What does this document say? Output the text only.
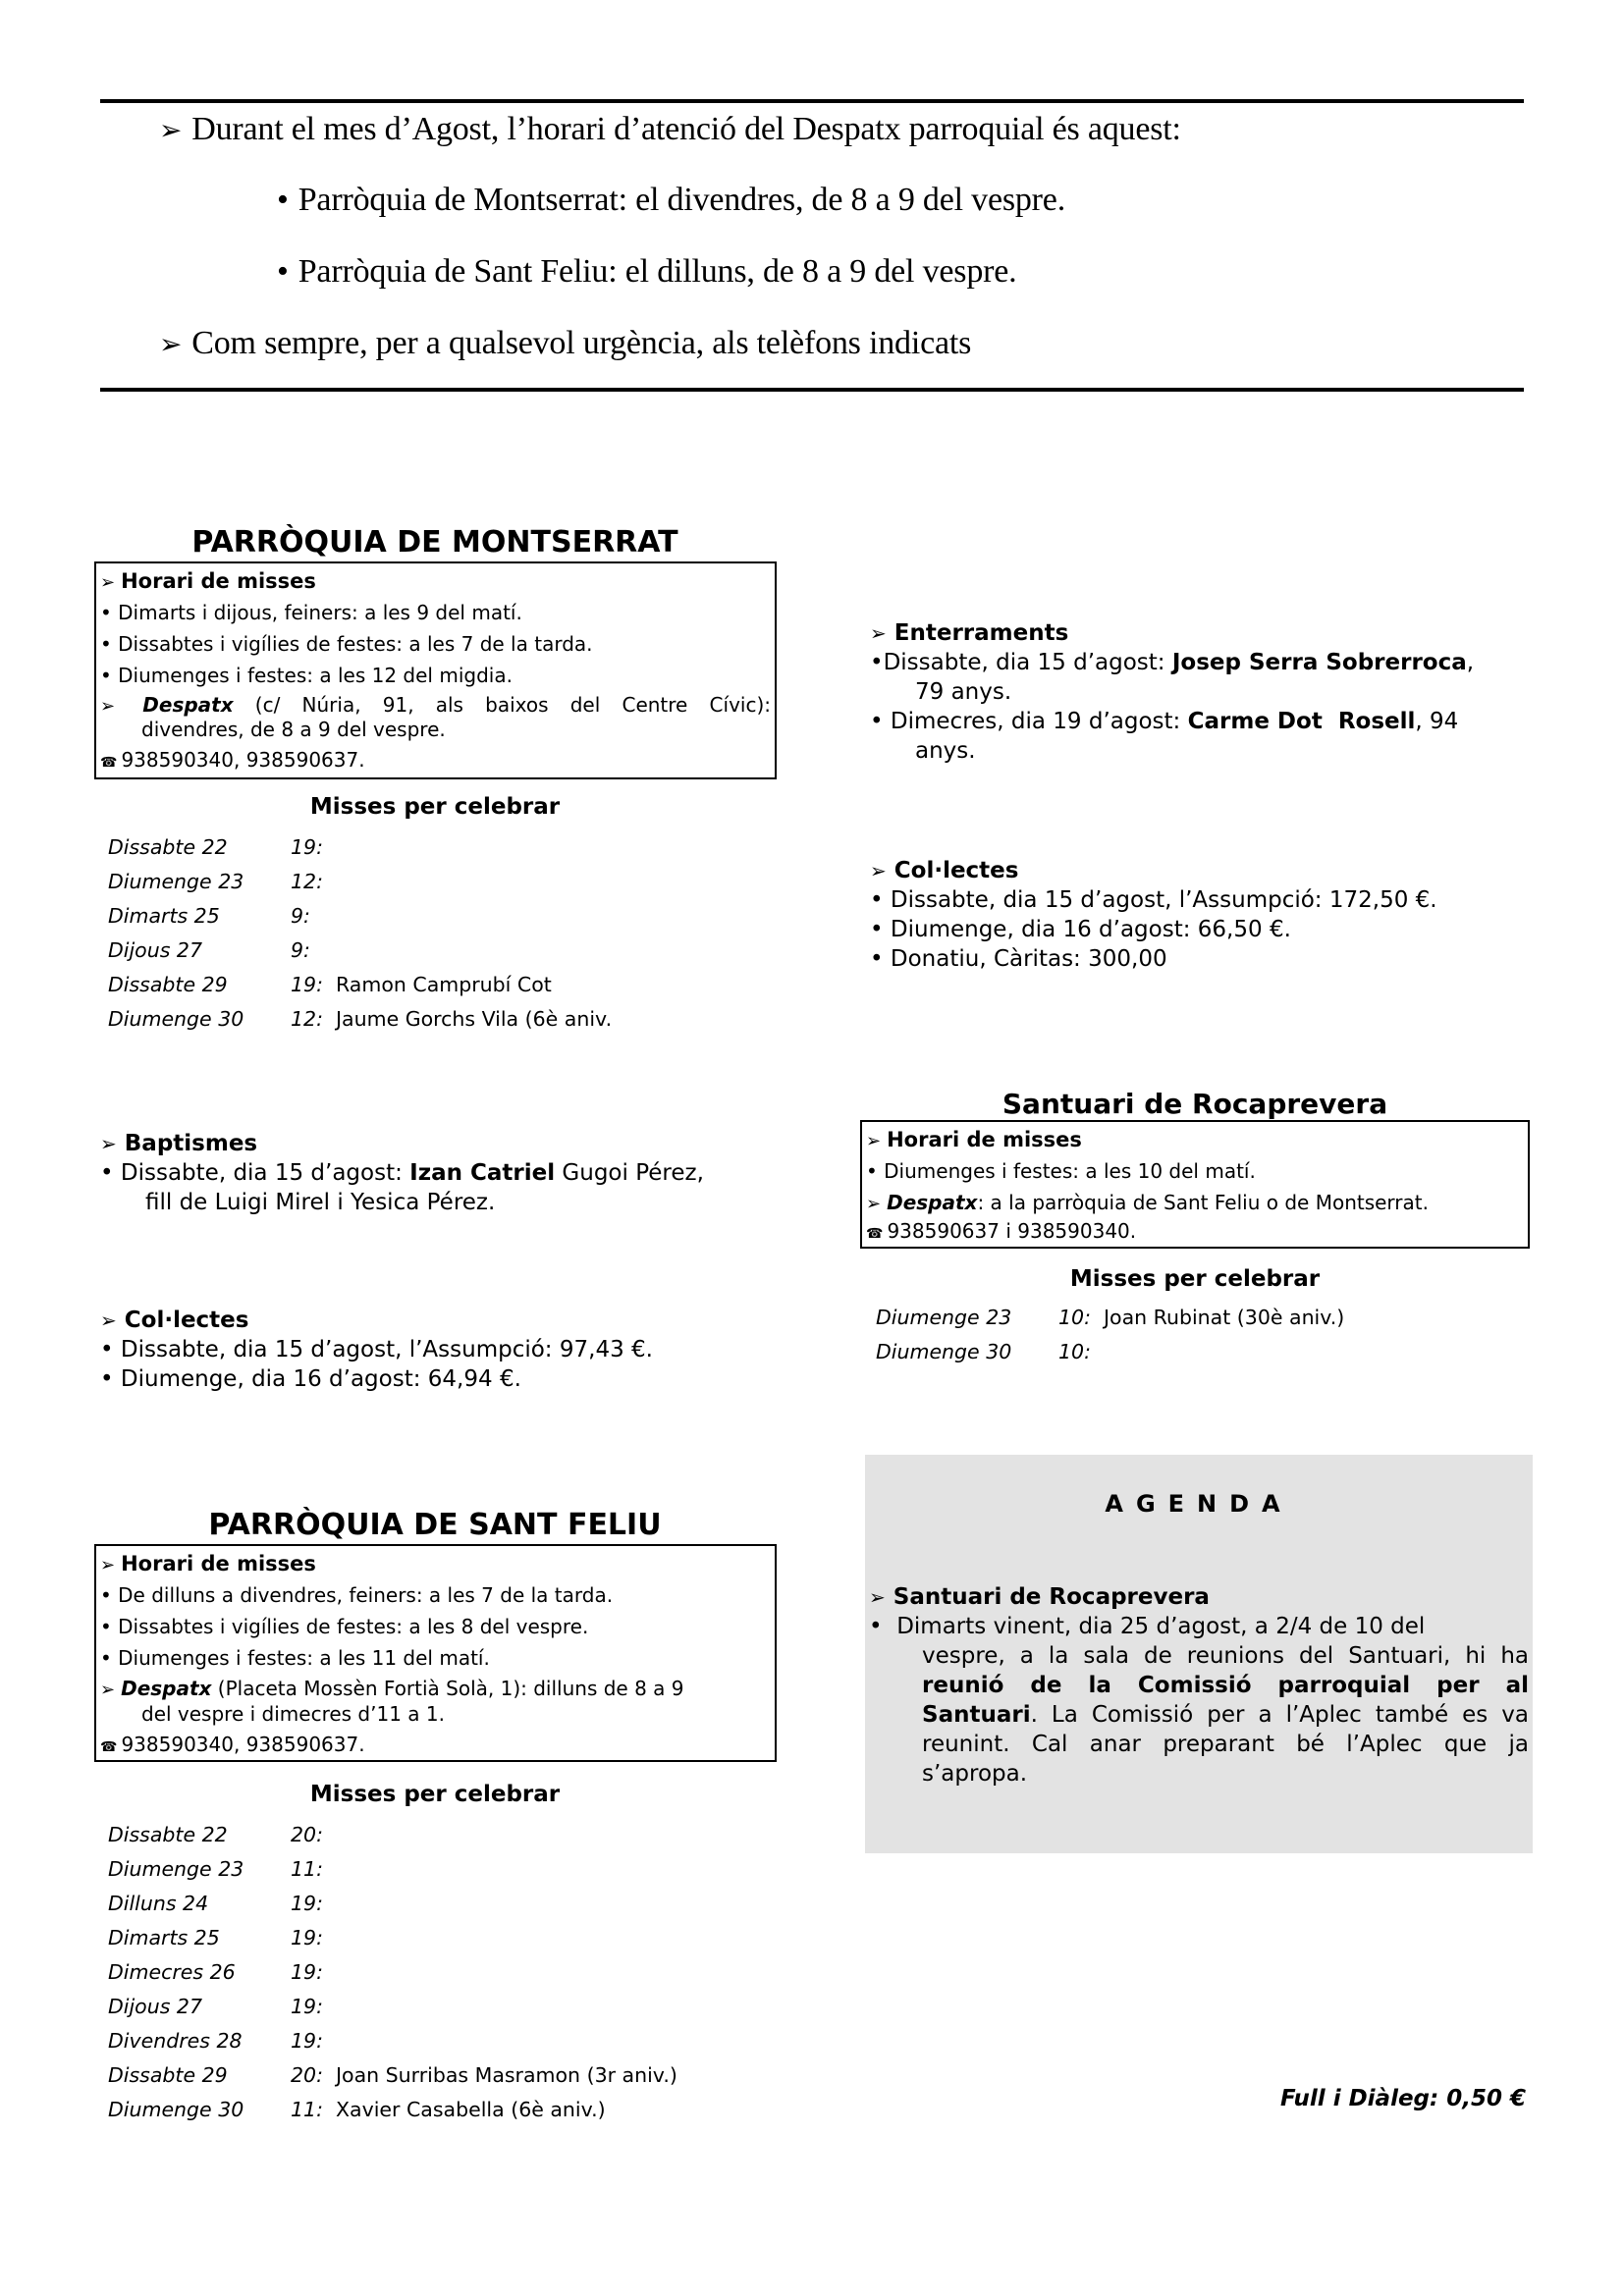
➢ Durant el mes d’Agost, l’horari d’atenció del Despatx parroquial és aquest:
• Parròquia de Montserrat: el divendres, de 8 a 9 del vespre.
• Parròquia de Sant Feliu: el dilluns, de 8 a 9 del vespre.
➢ Com sempre, per a qualsevol urgència, als telèfons indicats
PARRÒQUIA DE MONTSERRAT
➢ Horari de misses
• Dimarts i dijous, feiners: a les 9 del matí.
• Dissabtes i vigílies de festes: a les 7 de la tarda.
• Diumenges i festes: a les 12 del migdia.
➢ Despatx (c/ Núria, 91, als baixos del Centre Cívic):
divendres, de 8 a 9 del vespre.
☎ 938590340, 938590637.
Misses per celebrar
Dissabte 22	19:
Diumenge 23 12:
Dimarts 25	9:
Dijous 27	9:
Dissabte 29	19: Ramon Camprubí Cot
Diumenge 30 12: Jaume Gorchs Vila (6è aniv.
➢ Baptismes
• Dissabte, dia 15 d’agost: Izan Catriel Gugoi Pérez,
fill de Luigi Mirel i Yesica Pérez.
➢ Col·lectes
• Dissabte, dia 15 d’agost, l’Assumpció: 97,43 €.
• Diumenge, dia 16 d’agost: 64,94 €.
PARRÒQUIA DE SANT FELIU
➢ Horari de misses
• De dilluns a divendres, feiners: a les 7 de la tarda.
• Dissabtes i vigílies de festes: a les 8 del vespre.
• Diumenges i festes: a les 11 del matí.
➢ Despatx (Placeta Mossèn Fortià Solà, 1): dilluns de 8 a 9
del vespre i dimecres d’11 a 1.
☎ 938590340, 938590637.
Misses per celebrar
Dissabte 22	20:
Diumenge 23 11:
Dilluns 24	19:
Dimarts 25	19:
Dimecres 26	19:
Dijous 27	19:
Divendres 28 19:
Dissabte 29	20: Joan Surribas Masramon (3r aniv.)
Diumenge 30 11: Xavier Casabella (6è aniv.)
➢ Enterraments
•Dissabte, dia 15 d’agost: Josep Serra Sobrerroca,
79 anys.
• Dimecres, dia 19 d’agost: Carme Dot  Rosell, 94
anys.
➢ Col·lectes
• Dissabte, dia 15 d’agost, l’Assumpció: 172,50 €.
• Diumenge, dia 16 d’agost: 66,50 €.
• Donatiu, Càritas: 300,00
Santuari de Rocaprevera
➢ Horari de misses
• Diumenges i festes: a les 10 del matí.
➢ Despatx: a la parròquia de Sant Feliu o de Montserrat.
☎ 938590637 i 938590340.
Misses per celebrar
Diumenge 23 10: Joan Rubinat (30è aniv.)
Diumenge 30 10:
AGENDA
➢ Santuari de Rocaprevera
• Dimarts vinent, dia 25 d’agost, a 2/4 de 10 del
vespre, a la sala de reunions del Santuari, hi ha reunió de la Comissió parroquial per al Santuari. La Comissió per a l’Aplec també es va reunint. Cal anar preparant bé l’Aplec que ja s’apropa.
Full i Diàleg: 0,50 €
